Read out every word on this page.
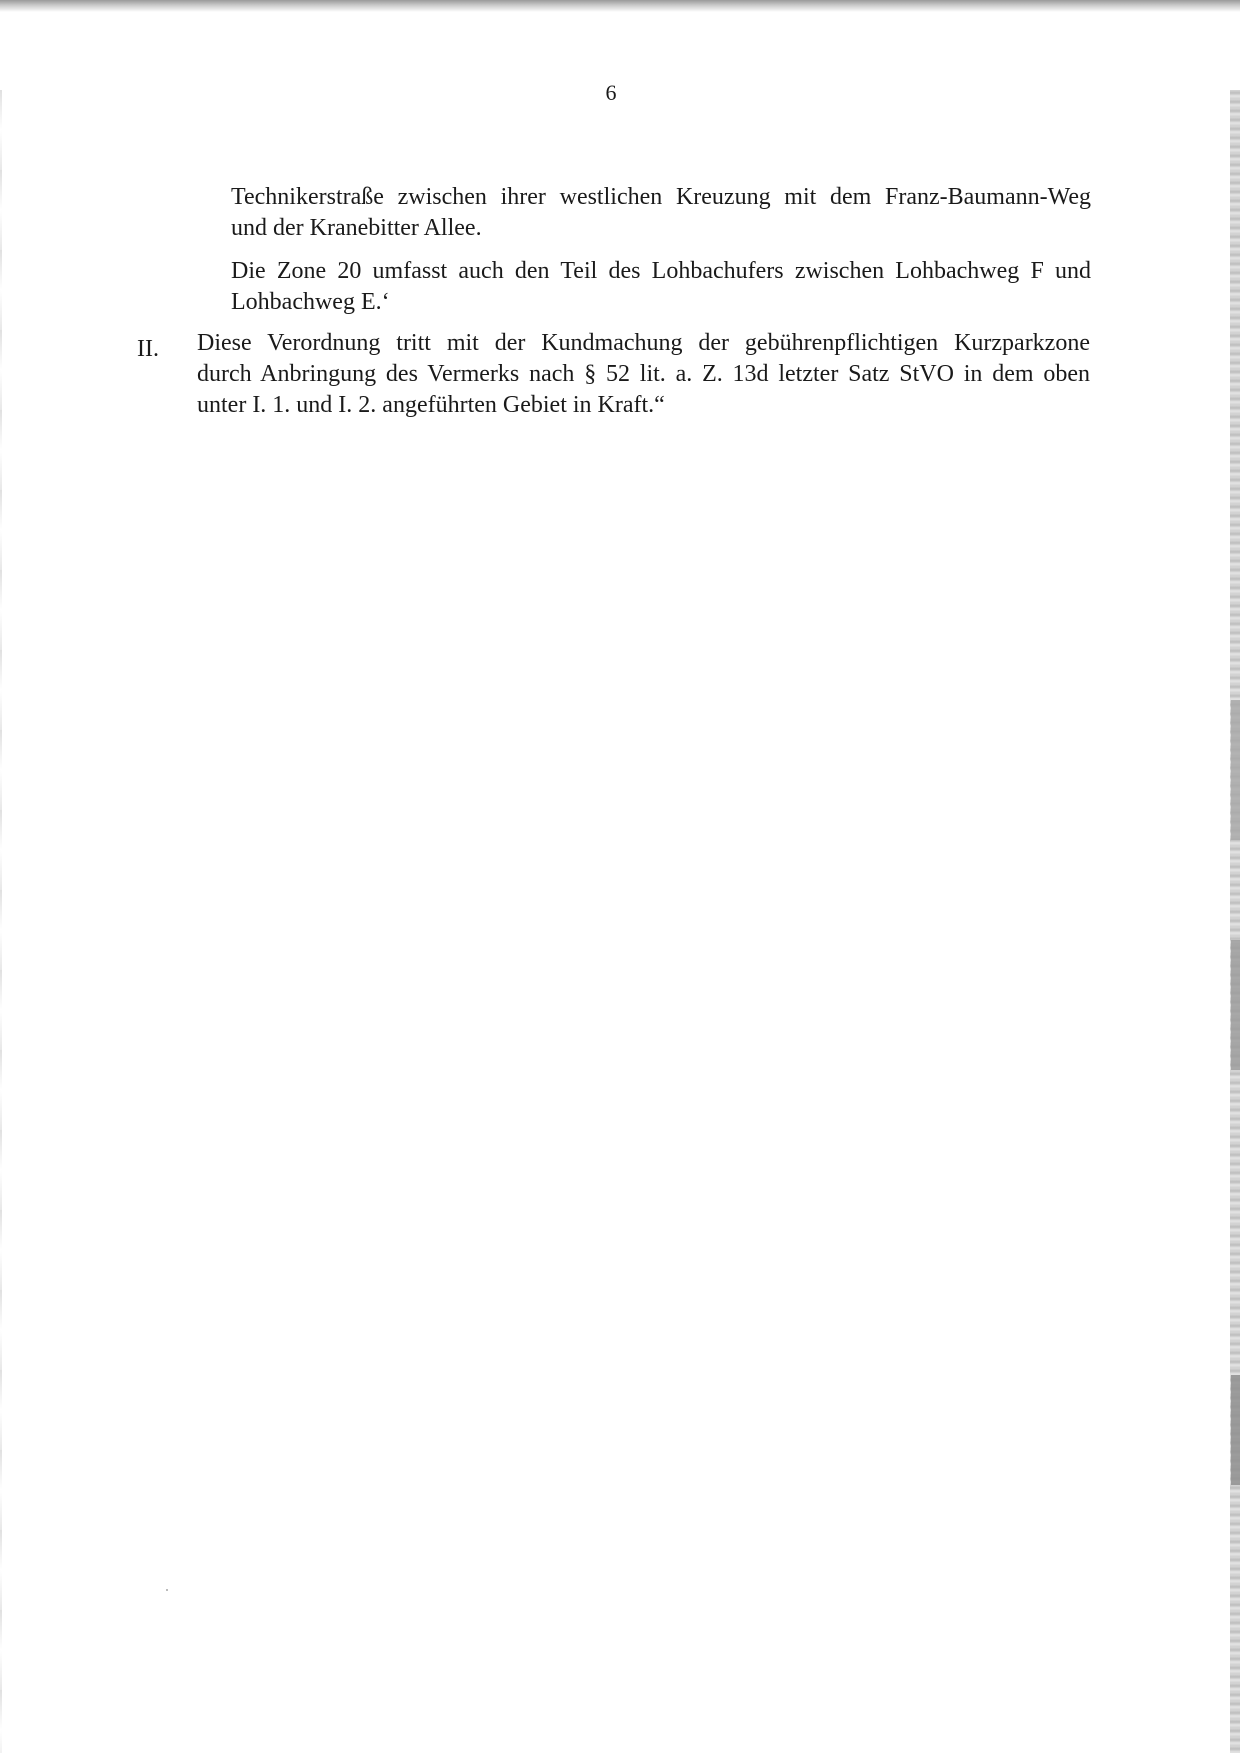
6
Technikerstraße zwischen ihrer westlichen Kreuzung mit dem Franz-Baumann-Weg
und der Kranebitter Allee.
Die Zone 20 umfasst auch den Teil des Lohbachufers zwischen Lohbachweg F und
Lohbachweg E.‘
II. Diese Verordnung tritt mit der Kundmachung der gebührenpflichtigen Kurzparkzone
durch Anbringung des Vermerks nach § 52 lit. a. Z. 13d letzter Satz StVO in dem oben
unter I. 1. und I. 2. angeführten Gebiet in Kraft.“
